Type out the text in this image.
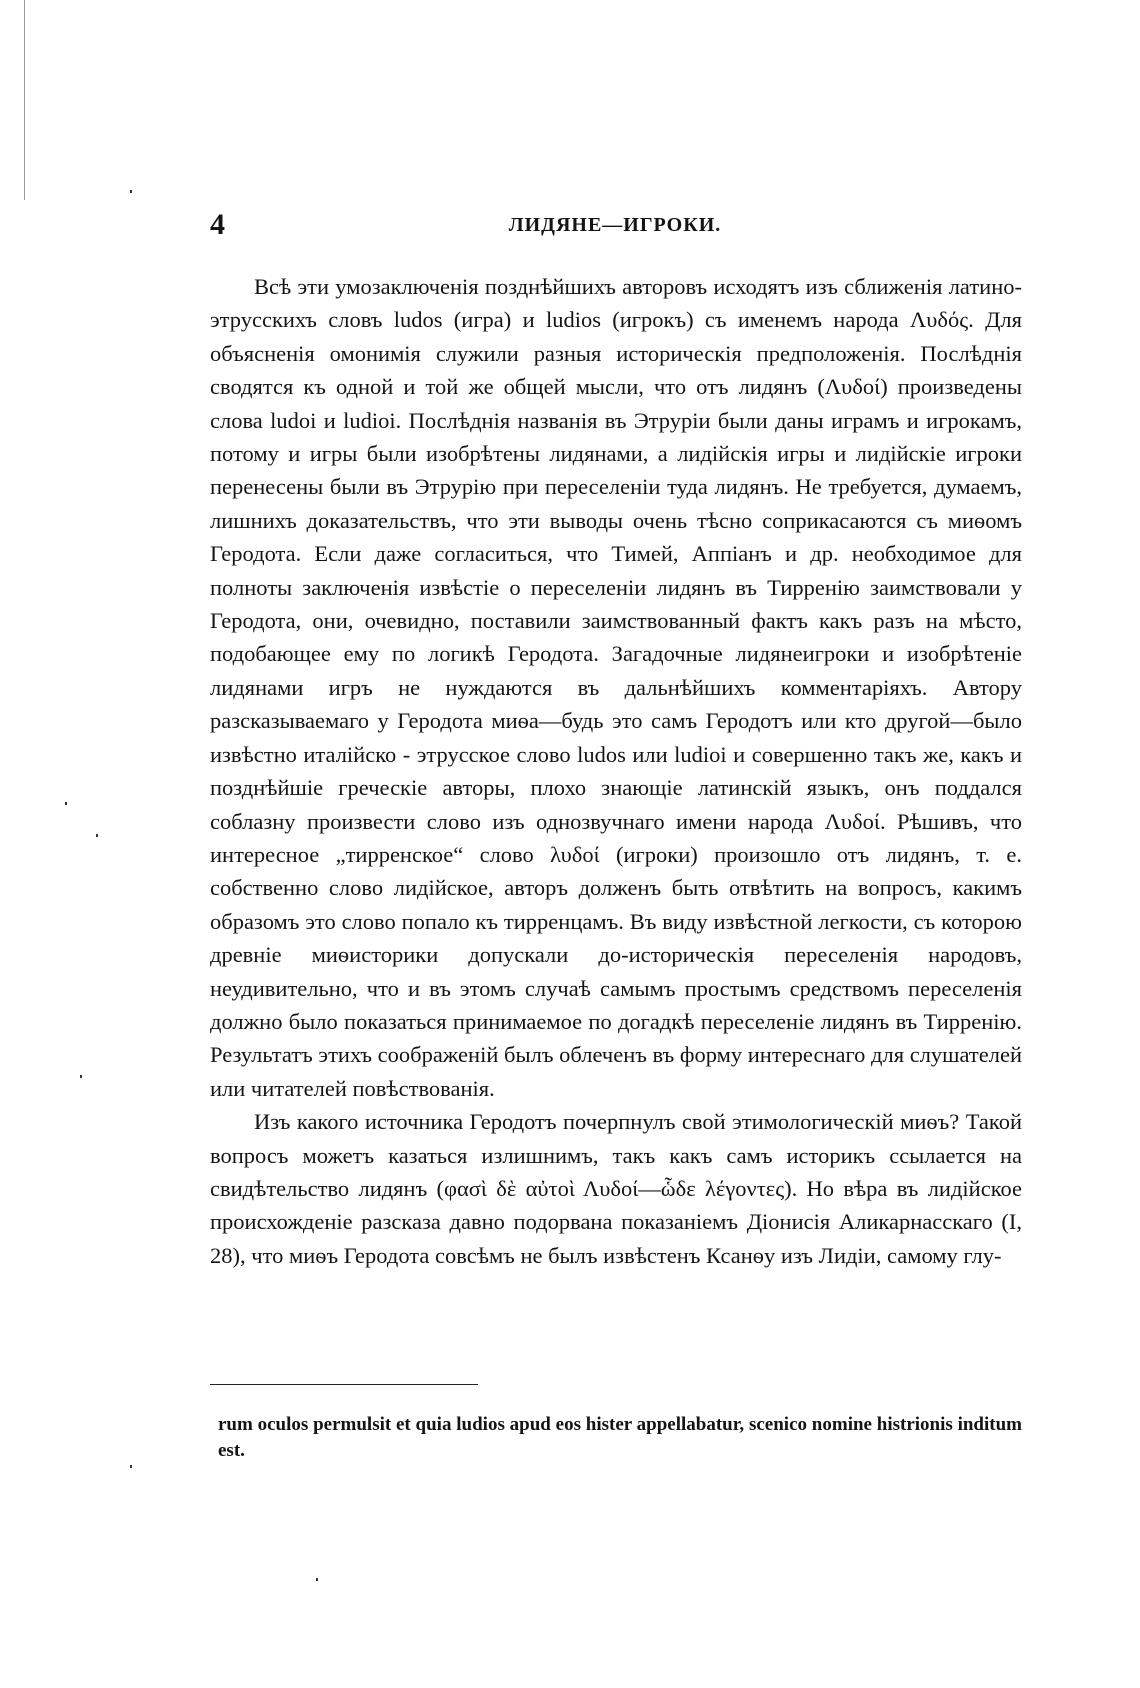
4	ЛИДЯНЕ—ИГРОКИ.

Всѣ эти умозаключенія позднѣйшихъ авторовъ исходятъ изъ сближенія латино-этрусскихъ словъ ludos (игра) и ludios (игрокъ) съ именемъ народа Λυδός. Для объясненія омонимія служили разныя историческія предположенія. Послѣднія сводятся къ одной и той же общей мысли, что отъ лидянъ (Λυδοί) произведены слова ludoi и ludioi. Послѣднія названія въ Этруріи были даны играмъ и игрокамъ, потому и игры были изобрѣтены лидянами, а лидійскія игры и лидійскіе игроки перенесены были въ Этрурію при переселеніи туда лидянъ. Не требуется, думаемъ, лишнихъ доказательствъ, что эти выводы очень тѣсно соприкасаются съ миѳомъ Геродота. Если даже согласиться, что Тимей, Аппіанъ и др. необходимое для полноты заключенія извѣстіе о переселеніи лидянъ въ Тирренію заимствовали у Геродота, они, очевидно, поставили заимствованный фактъ какъ разъ на мѣсто, подобающее ему по логикѣ Геродота. Загадочные лидянеигроки и изобрѣтеніе лидянами игръ не нуждаются въ дальнѣйшихъ комментаріяхъ. Автору разсказываемаго у Геродота миѳа—будь это самъ Геродотъ или кто другой—было извѣстно италійско - этрусское слово ludos или ludioi и совершенно такъ же, какъ и позднѣйшіе греческіе авторы, плохо знающіе латинскій языкъ, онъ поддался соблазну произвести слово изъ однозвучнаго имени народа Λυδοί. Рѣшивъ, что интересное „тирренское“ слово λυδοί (игроки) произошло отъ лидянъ, т. е. собственно слово лидійское, авторъ долженъ быть отвѣтить на вопросъ, какимъ образомъ это слово попало къ тирренцамъ. Въ виду извѣстной легкости, съ которою древніе миѳисторики допускали до-историческія переселенія народовъ, неудивительно, что и въ этомъ случаѣ самымъ простымъ средствомъ переселенія должно было показаться принимаемое по догадкѣ переселеніе лидянъ въ Тирренію. Результатъ этихъ соображеній былъ облеченъ въ форму интереснаго для слушателей или читателей повѣствованія.

Изъ какого источника Геродотъ почерпнулъ свой этимологическій миѳъ? Такой вопросъ можетъ казаться излишнимъ, такъ какъ самъ историкъ ссылается на свидѣтельство лидянъ (φασὶ δὲ αὐτοὶ Λυδοί—ὧδε λέγοντες). Но вѣра въ лидійское происхожденіе разсказа давно подорвана показаніемъ Діонисія Аликарнасскаго (I, 28), что миѳъ Геродота совсѣмъ не былъ извѣстенъ Ксанѳу изъ Лидіи, самому глу-

rum oculos permulsit et quia ludios apud eos hister appellabatur, scenico nomine histrionis inditum est.
